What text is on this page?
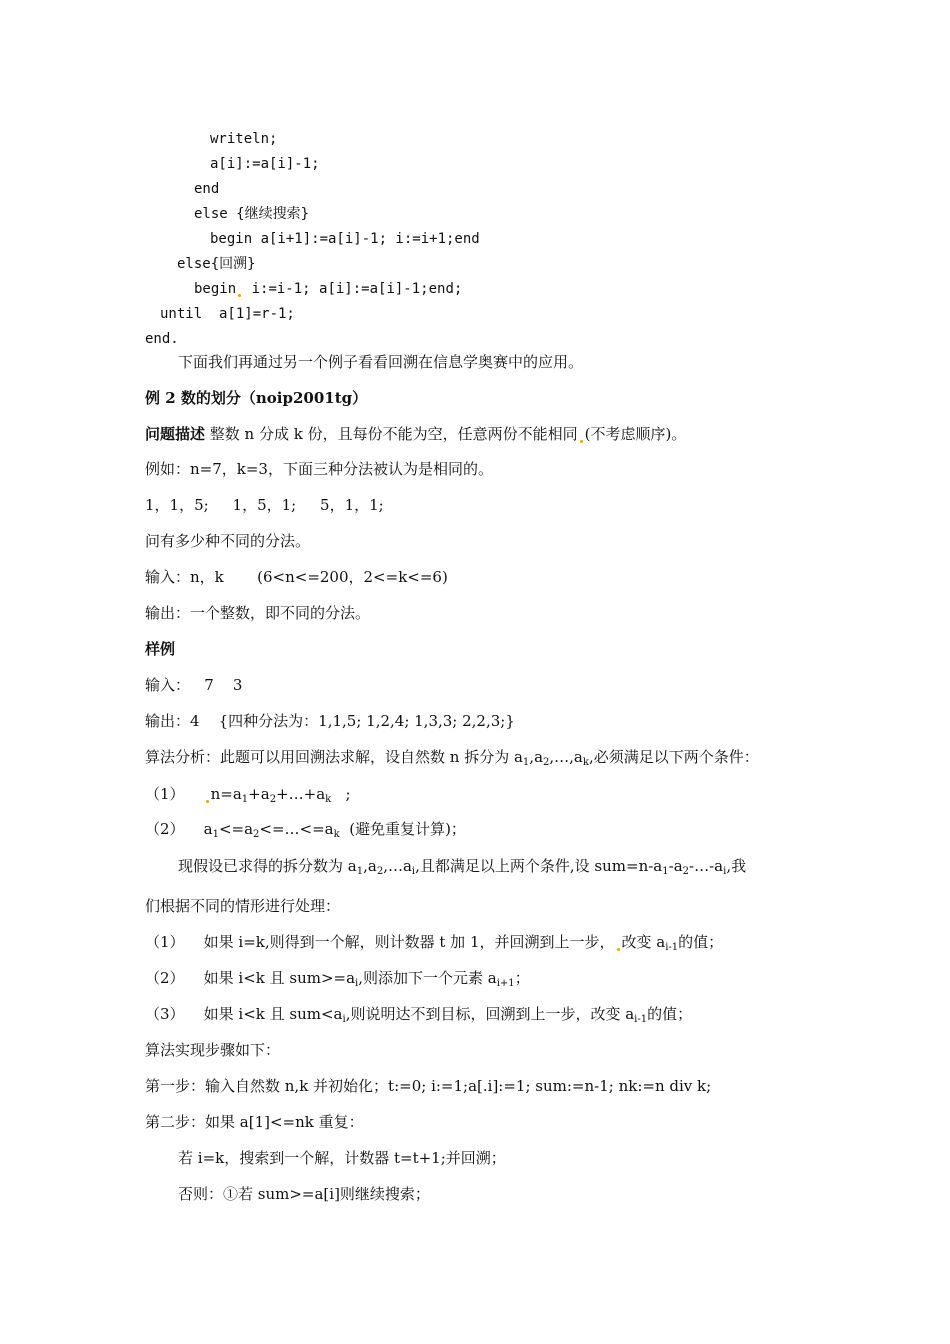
writeln;
a[i]:=a[i]-1;
end
else {继续搜索}
begin a[i+1]:=a[i]-1; i:=i+1;end
else{回溯}
begin i:=i-1; a[i]:=a[i]-1;end;
until  a[1]=r-1;
end.
下面我们再通过另一个例子看看回溯在信息学奥赛中的应用。
例 2 数的划分（noip2001tg）
问题描述 整数 n 分成 k 份，且每份不能为空，任意两份不能相同 (不考虑顺序)。
例如：n=7，k=3，下面三种分法被认为是相同的。
1，1，5;     1，5，1;     5，1，1;
问有多少种不同的分法。
输入：n，k       (6<n<=200，2<=k<=6)
输出：一个整数，即不同的分法。
样例
输入：   7    3
输出：4    {四种分法为：1,1,5; 1,2,4; 1,3,3; 2,2,3;}
算法分析：此题可以用回溯法求解，设自然数 n 拆分为 $a_1,a_2,\dots,a_k$,必须满足以下两个条件：
（1） $n=a_1+a_2+\dots+a_k$   ;
（2）    $a_1<=a_2<=\dots<=a_k$  (避免重复计算)；
现假设已求得的拆分数为 $a_1,a_2,\dots a_i$,且都满足以上两个条件,设 $sum=n-a_1-a_2-\dots-a_i$,我
们根据不同的情形进行处理：
（1） 如果 i=k,则得到一个解，则计数器 t 加 1，并回溯到上一步， 改变 $a_{i-1}$的值；
（2） 如果 i<k 且 $sum>=a_i$,则添加下一个元素 $a_{i+1}$；
（3） 如果 i<k 且 $sum<a_i$,则说明达不到目标，回溯到上一步，改变 $a_{i-1}$的值；
算法实现步骤如下：
第一步：输入自然数 n,k 并初始化；t:=0; i:=1;a[.i]:=1; sum:=n-1; nk:=n div k;
第二步：如果 a[1]<=nk 重复：
若 i=k，搜索到一个解，计数器 t=t+1;并回溯；
否则：①若 sum>=a[i]则继续搜索；
